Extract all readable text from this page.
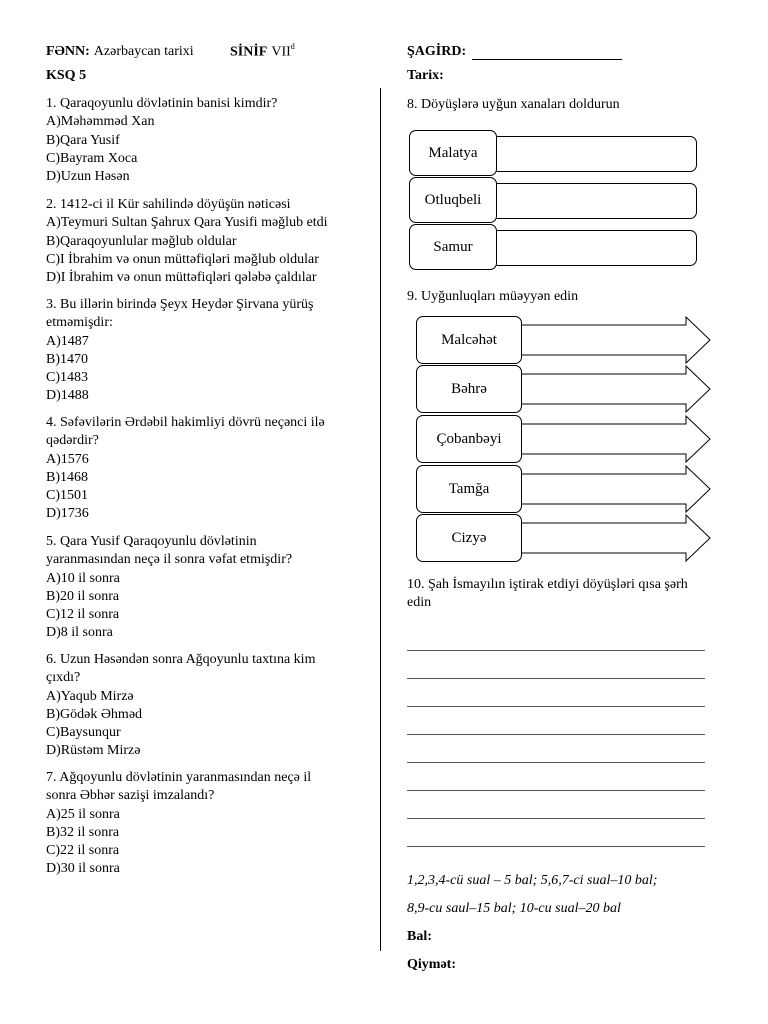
FƏNN: Azərbaycan tarixi	SİNİF VII$^d$	ŞAGİRD:
KSQ 5	Tarix:
1. Qaraqoyunlu dövlətinin banisi kimdir?
A)Məhəmməd Xan
B)Qara Yusif
C)Bayram Xoca
D)Uzun Həsən
2. 1412-ci il Kür sahilində döyüşün nəticəsi
A)Teymuri Sultan Şahrux Qara Yusifi məğlub etdi
B)Qaraqoyunlular məğlub oldular
C)I İbrahim və onun müttəfiqləri məğlub oldular
D)I İbrahim və onun müttəfiqləri qələbə çaldılar
3. Bu illərin birində Şeyx Heydər Şirvana yürüş
etməmişdir:
A)1487
B)1470
C)1483
D)1488
4. Səfəvilərin Ərdəbil hakimliyi dövrü neçənci ilə
qədərdir?
A)1576
B)1468
C)1501
D)1736
5. Qara Yusif Qaraqoyunlu dövlətinin
yaranmasından neçə il sonra vəfat etmişdir?
A)10 il sonra
B)20 il sonra
C)12 il sonra
D)8 il sonra
6. Uzun Həsəndən sonra Ağqoyunlu taxtına kim
çıxdı?
A)Yaqub Mirzə
B)Gödək Əhməd
C)Baysunqur
D)Rüstəm Mirzə
7. Ağqoyunlu dövlətinin yaranmasından neçə il
sonra Əbhər sazişi imzalandı?
A)25 il sonra
B)32 il sonra
C)22 il sonra
D)30 il sonra
8. Döyüşlərə uyğun xanaları doldurun
Malatya
Otluqbeli
Samur
9. Uyğunluqları müəyyən edin
Malcəhət
Bəhrə
Çobanbəyi
Tamğa
Cizyə
10. Şah İsmayılın iştirak etdiyi döyüşləri qısa şərh
edin
1,2,3,4-cü sual – 5 bal; 5,6,7-ci sual–10 bal;
8,9-cu saul–15 bal; 10-cu sual–20 bal
Bal:
Qiymət:
